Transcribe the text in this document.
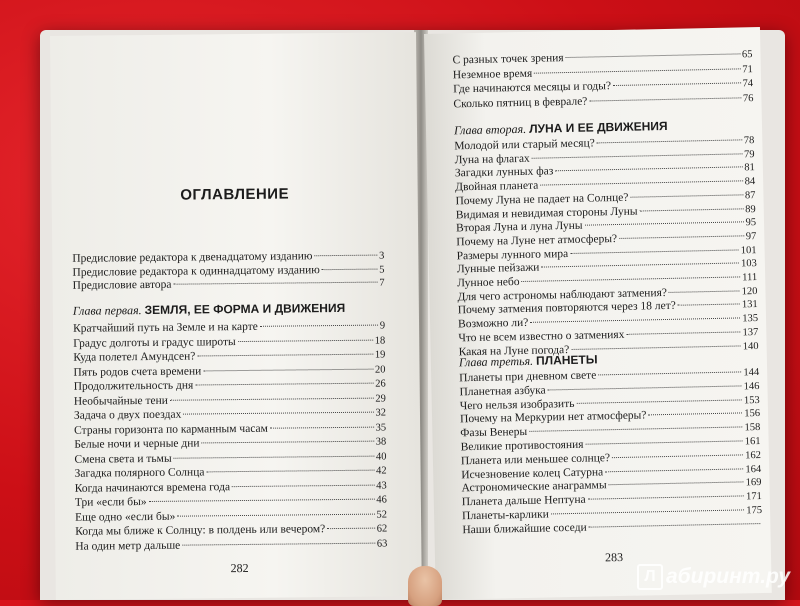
ОГЛАВЛЕНИЕ
Предисловие редактора к двенадцатому изданию	3
Предисловие редактора к одиннадцатому изданию	5
Предисловие автора	7
Глава первая. ЗЕМЛЯ, ЕЕ ФОРМА И ДВИЖЕНИЯ
Кратчайший путь на Земле и на карте	9
Градус долготы и градус широты	18
Куда полетел Амундсен?	19
Пять родов счета времени	20
Продолжительность дня	26
Необычайные тени	29
Задача о двух поездах	32
Страны горизонта по карманным часам	35
Белые ночи и черные дни	38
Смена света и тьмы	40
Загадка полярного Солнца	42
Когда начинаются времена года	43
Три «если бы»	46
Еще одно «если бы»	52
Когда мы ближе к Солнцу: в полдень или вечером?	62
На один метр дальше	63
282
С разных точек зрения	65
Неземное время	71
Где начинаются месяцы и годы?	74
Сколько пятниц в феврале?	76
Глава вторая. ЛУНА И ЕЕ ДВИЖЕНИЯ
Молодой или старый месяц?	78
Луна на флагах	79
Загадки лунных фаз	81
Двойная планета	84
Почему Луна не падает на Солнце?	87
Видимая и невидимая стороны Луны	89
Вторая Луна и луна Луны	95
Почему на Луне нет атмосферы?	97
Размеры лунного мира	101
Лунные пейзажи	103
Лунное небо	111
Для чего астрономы наблюдают затмения?	120
Почему затмения повторяются через 18 лет?	131
Возможно ли?	135
Что не всем известно о затмениях	137
Какая на Луне погода?	140
Глава третья. ПЛАНЕТЫ
Планеты при дневном свете	144
Планетная азбука	146
Чего нельзя изобразить	153
Почему на Меркурии нет атмосферы?	156
Фазы Венеры	158
Великие противостояния	161
Планета или меньшее солнце?	162
Исчезновение колец Сатурна	164
Астрономические анаграммы	169
Планета дальше Нептуна	171
Планеты-карлики	175
Наши ближайшие соседи
283
Л абиринт.ру
